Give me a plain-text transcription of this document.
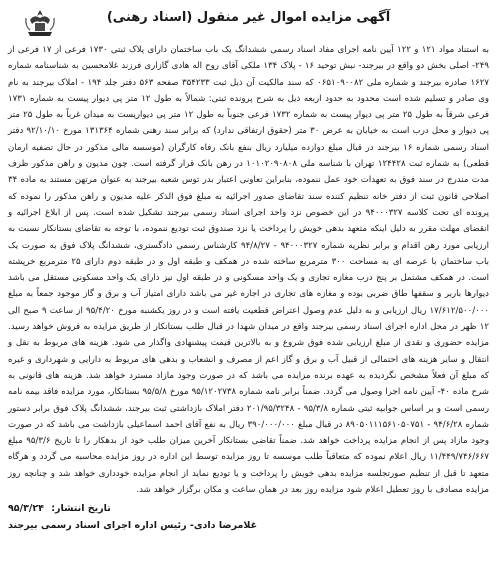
آگهی مزایده اموال غیر منقول (اسناد رهنی)

به استناد مواد ۱۲۱ و ۱۲۲ آیین نامه اجرای مفاد اسناد رسمی ششدانگ یک باب ساختمان دارای پلاک ثبتی ۱۷۳۰ فرعی از ۱۷ فرعی از ۲۴۹- اصلی بخش دو واقع در بیرجند- نبش توحید ۱۶ - پلاک ۱۳۴ ملکی آقای روح اله هادی گازاری فرزند غلامحسین به شناسنامه شماره ۱۶۲۷ صادره بیرجند و شماره ملی ۰۶۵۱۰۹۰۰۸۲ که سند مالکیت آن ذیل ثبت ۳۵۴۲۳۳ صفحه ۵۶۳ دفتر جلد ۱۹۴ - املاک بیرجند به نام وی صادر و تسلیم شده است محدود به حدود اربعه ذیل به شرح پرونده ثبتی: شمالاً به طول ۱۲ متر پی دیوار پیست به شماره ۱۷۳۱ فرعی شرقاً به طول ۲۵ متر پی دیوار پیست به شماره ۱۷۳۲ فرعی جنوباً به طول ۱۲ متر پی دیواریست به میدان غرباً به طول ۲۵ متر پی دیوار و محل درب است به خیابان به عرض ۳۰ متر (حقوق ارتفاقی ندارد) که برابر سند رهنی شماره ۱۳۱۳۶۴ مورخ ۹۲/۱۰/۱۰ دفتر اسناد رسمی شماره ۱۶ بیرجند در قبال مبلغ دوازده میلیارد ریال بنفع بانک رفاه کارگران (موسسه مالی مذکور در حال تصفیه ارمان قطعی) به شماره ثبت ۱۲۴۴۲۸ تهران با شناسه ملی ۱۰۱۰۲۰۹۰۸۰۸ در رهن بانک قرار گرفته است. چون مدیون و راهن مذکور ظرف مدت مندرج در سند فوق به تعهدات خود عمل ننموده، بنابراین تعاونی اعتبار بدر توس شعبه بیرجند به عنوان مرتهن مستند به ماده ۳۴ اصلاحی قانون ثبت از دفتر خانه تنظیم کننده سند تقاضای صدور اجرائیه به مبلغ فوق الذکر علیه مدیون و راهن مذکور را نموده که پرونده ای تحت کلاسه ۹۴۰۰۰۳۲۷ در این خصوص نزد واحد اجرای اسناد رسمی بیرجند تشکیل شده است. پس از ابلاغ اجرائیه و انقضای مهلت مقرر به دلیل اینکه متعهد بدهی خویش را پرداخت یا نزد صندوق ثبت تودیع ننموده، با توجه به تقاضای بستانکار نسبت به ارزیابی مورد رهن اقدام و برابر نظریه شماره ۹۴۰۰۰۳۲۷ - ۹۴/۸/۲۷ کارشناس رسمی دادگستری، ششدانگ پلاک فوق به صورت یک باب ساختمان با عرصه ای به مساحت ۳۰۰ مترمربع ساخته شده در همکف و طبقه اول و در طبقه دوم دارای ۲۵ مترمربع خرپشته است. در همکف مشتمل بر پنج درب مغازه تجاری و یک واحد مسکونی و در طبقه اول نیز دارای یک واحد مسکونی مستقل می باشد دیوارها باربر و سقفها طاق ضربی بوده و مغازه های تجاری در اجاره غیر می باشد دارای امتیاز آب و برق و گاز موجود جمعاً به مبلغ ۱۷/۶۱۲/۵۰۰/۰۰۰ ریال ارزیابی و به دلیل عدم وصول اعتراض قطعیت یافته است و در روز یکشنبه مورخ ۹۵/۴/۲۰ از ساعت ۹ صبح الی ۱۲ ظهر در محل اداره اجرای اسناد رسمی بیرجند واقع در میدان شهدا در قبال طلب بستانکار از طریق مزایده به فروش خواهد رسید. مزایده حضوری و نقدی از مبلغ ارزیابی شده فوق شروع و به بالاترین قیمت پیشنهادی واگذار می شود. هزینه های مربوط به نقل و انتقال و سایر هزینه های احتمالی از قبیل آب و برق و گاز اعم از مصرف و انشعاب و بدهی های مربوط به دارایی و شهرداری و غیره که مبلغ آن فعلاً مشخص نگردیده به عهده برنده مزایده می باشد که در صورت وجود مازاد مسترد خواهد شد. هزینه های قانونی به شرح ماده ۴۰- آیین نامه اجرا وصول می گردد. ضمناً برابر نامه شماره ۹۵/۱۲۰۲۷۳۸ مورخ ۹۵/۵/۸ بستانکار، مورد مزایده فاقد بیمه نامه رسمی است و بر اساس جوابیه ثبتی شماره ۹۵/۳/۸ - ۲۰۱/۹۵/۳۲۴۸ دفتر املاک بازداشتی ثبت بیرجند، ششدانگ پلاک فوق برابر دستور شماره ۹۴/۶/۲۸ - ۸۹۰۵۰۱۱۱۵۶۱۰۵۰۷۵۱ در قبال مبلغ ۳۹۰/۰۰۰/۰۰۰ ریال به نفع آقای احمد اسماعیلی بازداشت می باشد که در صورت وجود مازاد پس از انجام مزایده پرداخت خواهد شد. ضمناً تقاضی بستانکار آخرین میزان طلب خود از بدهکار را تا تاریخ ۹۵/۳/۶ مبلغ ۱۱/۴۴۹/۷۴۶/۶۶۷ ریال اعلام نموده که متعاقباً طلب موسسه تا روز مزایده توسط این اداره در روز مزایده محاسبه می گردد و هرگاه متعهد تا قبل از تنظیم صورتجلسه مزایده بدهی خویش را پرداخت و یا تودیع نماید از انجام مزایده خودداری خواهد شد و چنانچه روز مزایده مصادف با روز تعطیل اعلام شود مزایده روز بعد در همان ساعت و مکان برگزار خواهد شد.

تاریخ انتشار: ۹۵/۳/۲۴
غلامرضا دادی- رئیس اداره اجرای اسناد رسمی بیرجند
